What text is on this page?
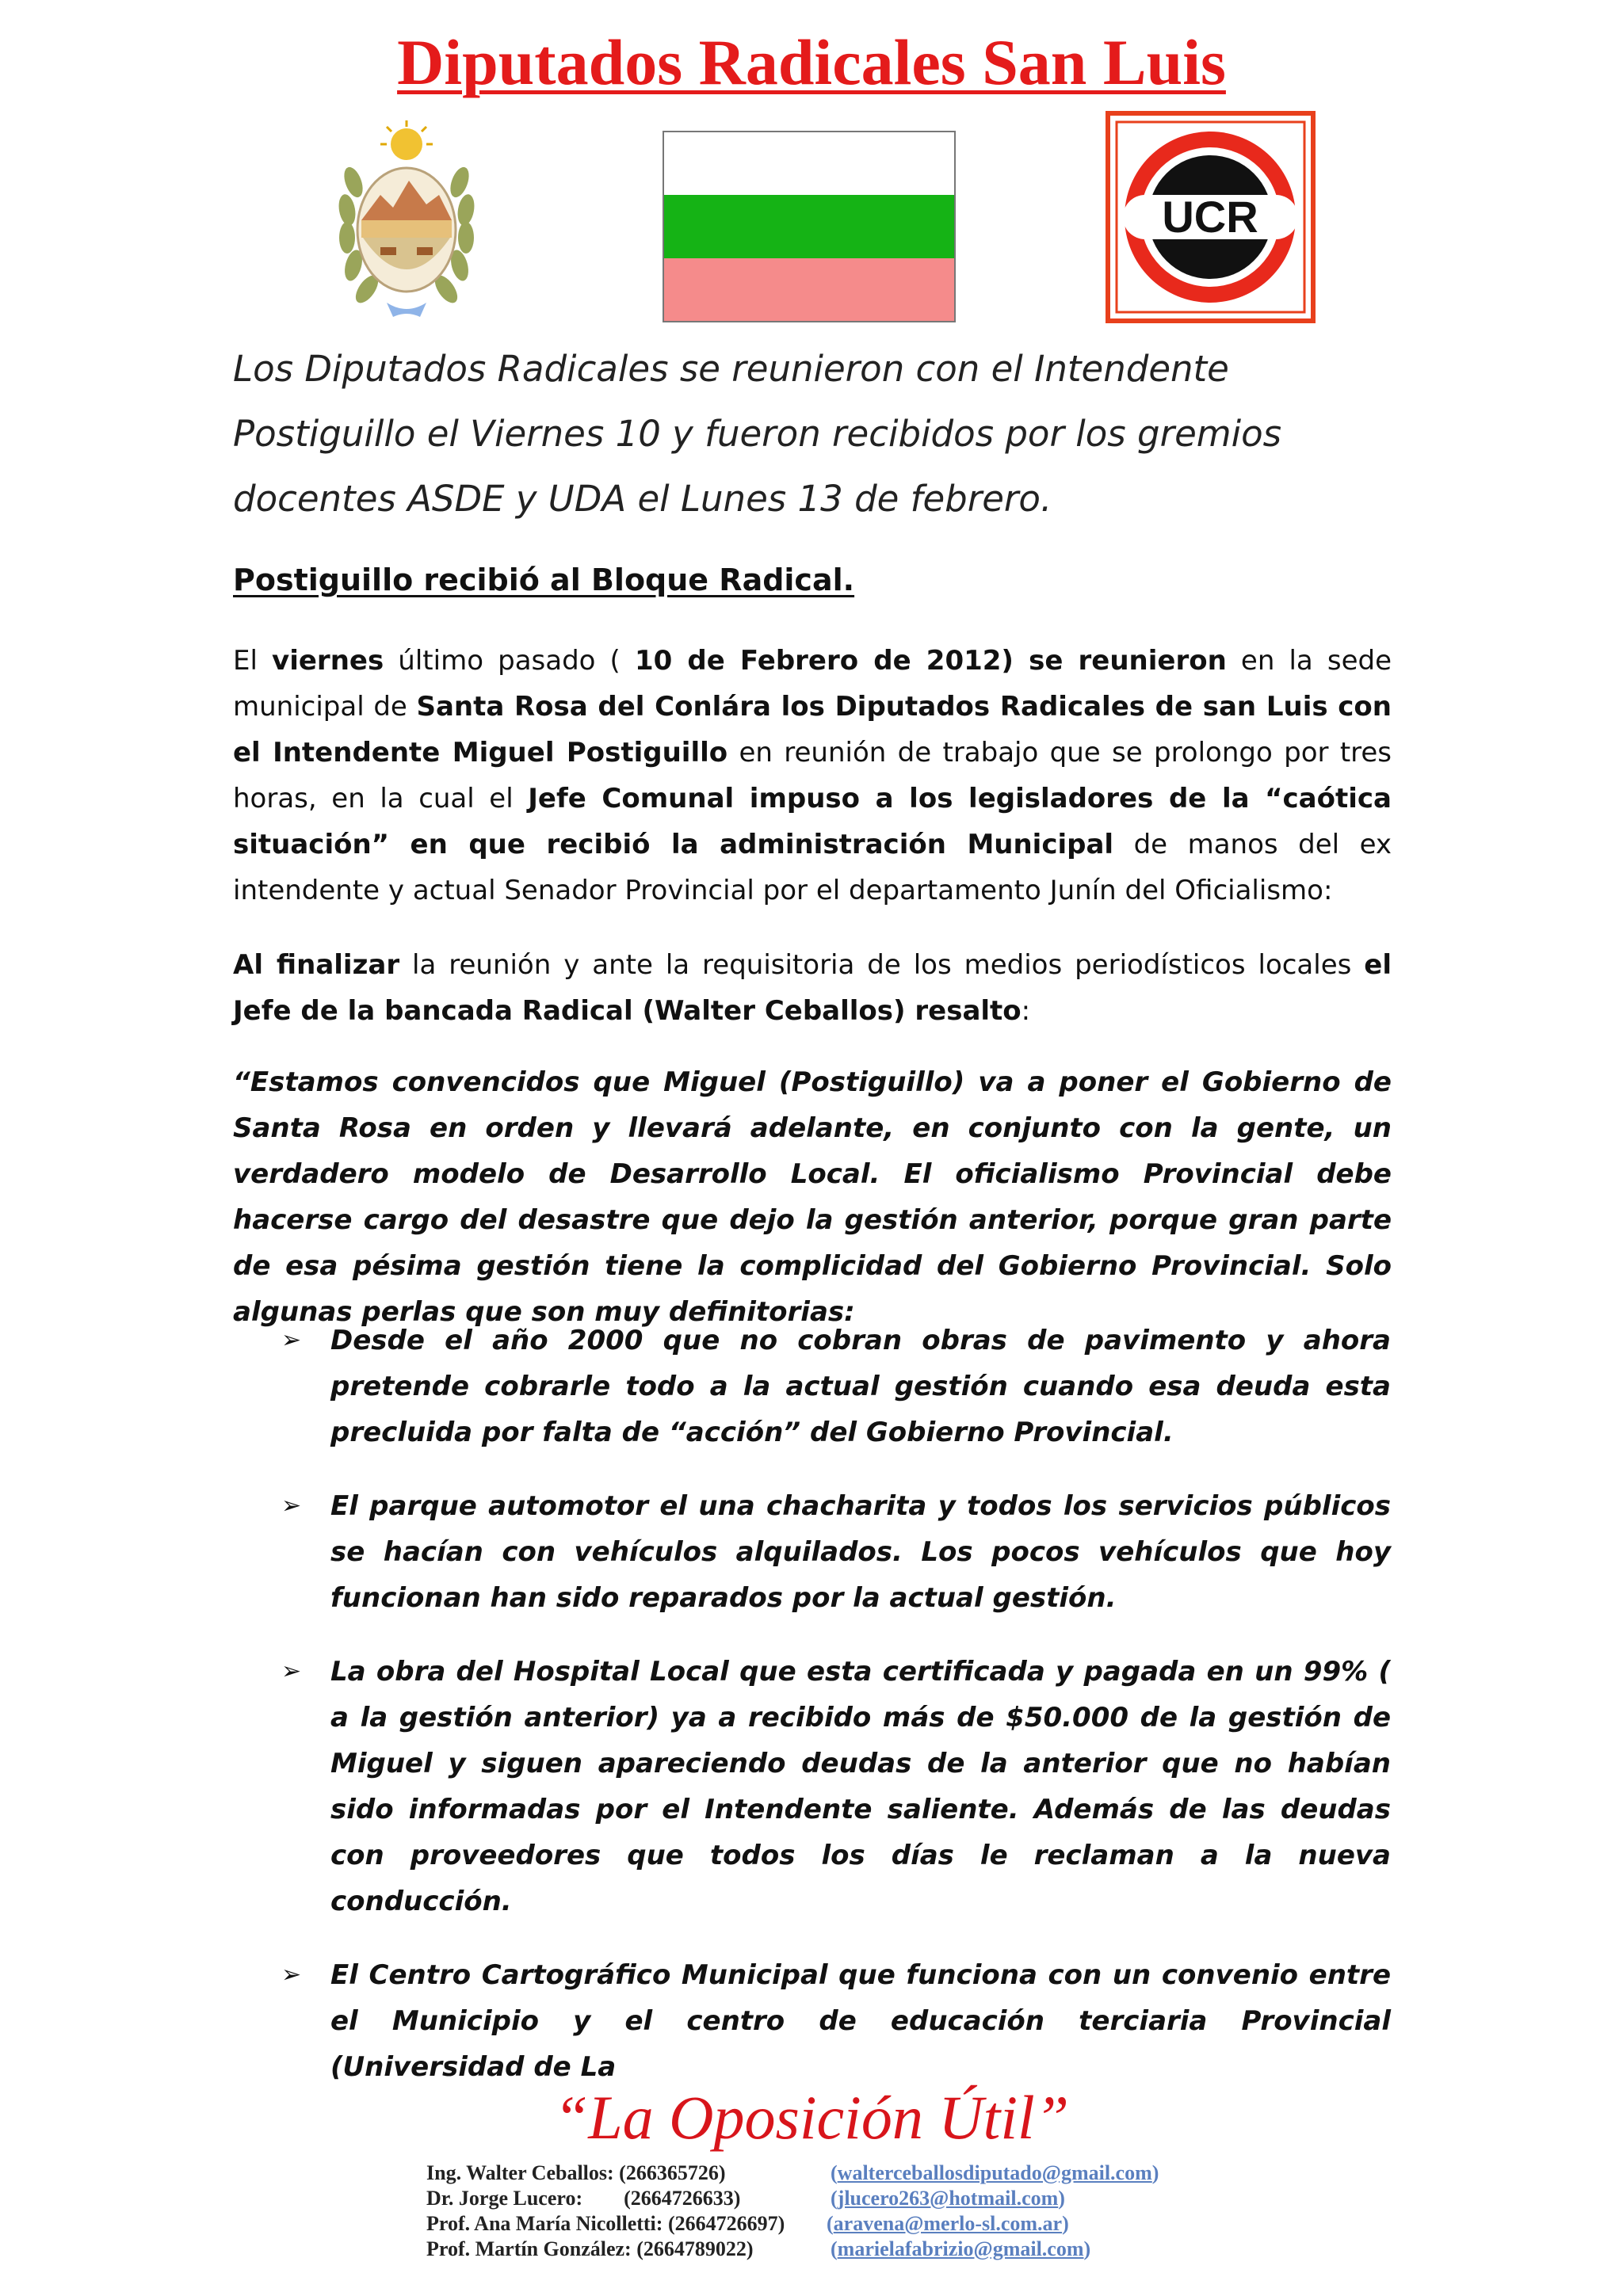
Diputados Radicales San Luis
UCR
Los Diputados Radicales se reunieron con el Intendente Postiguillo el Viernes 10 y fueron recibidos por los gremios docentes ASDE y UDA el Lunes 13 de febrero.
Postiguillo recibió al Bloque Radical.
El viernes último pasado ( 10 de Febrero de 2012) se reunieron en la sede municipal de Santa Rosa del Conlára los Diputados Radicales de san Luis con el Intendente Miguel Postiguillo en reunión de trabajo que se prolongo por tres horas, en la cual el Jefe Comunal impuso a los legisladores de la “caótica situación” en que recibió la administración Municipal de manos del ex intendente y actual Senador Provincial por el departamento Junín del Oficialismo:
Al finalizar la reunión y ante la requisitoria de los medios periodísticos locales el Jefe de la bancada Radical (Walter Ceballos) resalto:
“Estamos convencidos que Miguel (Postiguillo) va a poner el Gobierno de Santa Rosa en orden y llevará adelante, en conjunto con la gente, un verdadero modelo de Desarrollo Local. El oficialismo Provincial debe hacerse cargo del desastre que dejo la gestión anterior, porque gran parte de esa pésima gestión tiene la complicidad del Gobierno Provincial. Solo algunas perlas que son muy definitorias:
➢ Desde el año 2000 que no cobran obras de pavimento y ahora pretende cobrarle todo a la actual gestión cuando esa deuda esta precluida por falta de “acción” del Gobierno Provincial.
➢ El parque automotor el una chacharita y todos los servicios públicos se hacían con vehículos alquilados. Los pocos vehículos que hoy funcionan han sido reparados por la actual gestión.
➢ La obra del Hospital Local que esta certificada y pagada en un 99% ( a la gestión anterior) ya a recibido más de $50.000 de la gestión de Miguel y siguen apareciendo deudas de la anterior que no habían sido informadas por el Intendente saliente. Además de las deudas con proveedores que todos los días le reclaman a la nueva conducción.
➢ El Centro Cartográfico Municipal que funciona con un convenio entre el Municipio y el centro de educación terciaria Provincial (Universidad de La
“La Oposición Útil”
Ing. Walter Ceballos: (266365726)	(walterceballosdiputado@gmail.com)
Dr. Jorge Lucero:        (2664726633)	(jlucero263@hotmail.com)
Prof. Ana María Nicolletti: (2664726697) (aravena@merlo-sl.com.ar)
Prof. Martín González: (2664789022)	(marielafabrizio@gmail.com)
